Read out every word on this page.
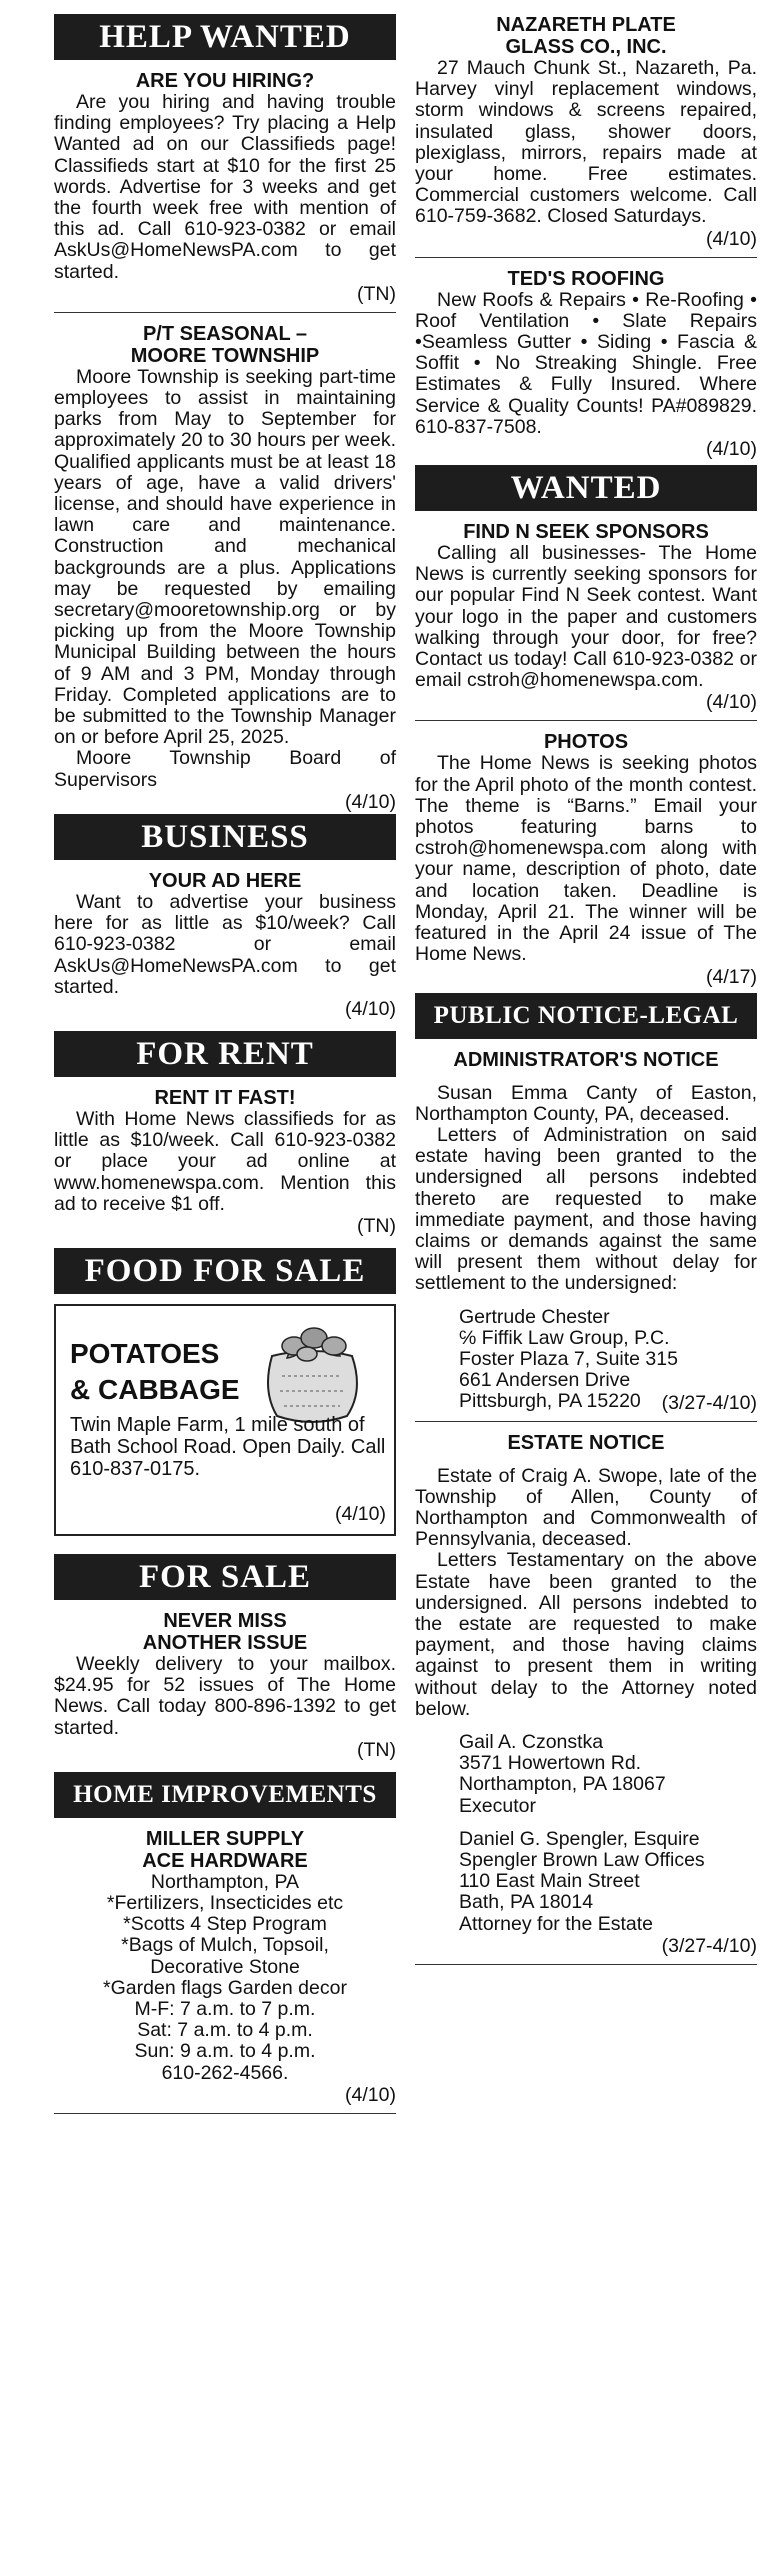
HELP WANTED
ARE YOU HIRING?

Are you hiring and having trouble finding employees? Try placing a Help Wanted ad on our Classifieds page! Classifieds start at $10 for the first 25 words. Advertise for 3 weeks and get the fourth week free with mention of this ad. Call 610-923-0382 or email AskUs@HomeNewsPA.com to get started.

(TN)
P/T SEASONAL –
MOORE TOWNSHIP

Moore Township is seeking part-time employees to assist in maintaining parks from May to September for approximately 20 to 30 hours per week. Qualified applicants must be at least 18 years of age, have a valid drivers' license, and should have experience in lawn care and maintenance. Construction and mechanical backgrounds are a plus. Applications may be requested by emailing secretary@mooretownship.org or by picking up from the Moore Township Municipal Building between the hours of 9 AM and 3 PM, Monday through Friday. Completed applications are to be submitted to the Township Manager on or before April 25, 2025.

Moore Township Board of Supervisors

(4/10)
BUSINESS
YOUR AD HERE

Want to advertise your business here for as little as $10/week? Call 610-923-0382 or email AskUs@HomeNewsPA.com to get started.

(4/10)
FOR RENT
RENT IT FAST!

With Home News classifieds for as little as $10/week. Call 610-923-0382 or place your ad online at www.homenewspa.com. Mention this ad to receive $1 off.

(TN)
FOOD FOR SALE
POTATOES
& CABBAGE
Twin Maple Farm, 1 mile south of Bath School Road. Open Daily. Call 610-837-0175.
(4/10)
FOR SALE
NEVER MISS
ANOTHER ISSUE

Weekly delivery to your mailbox. $24.95 for 52 issues of The Home News. Call today 800-896-1392 to get started.

(TN)
HOME IMPROVEMENTS
MILLER SUPPLY
ACE HARDWARE

Northampton, PA

*Fertilizers, Insecticides etc

*Scotts 4 Step Program

*Bags of Mulch, Topsoil,

Decorative Stone

*Garden flags Garden decor

M-F: 7 a.m. to 7 p.m.

Sat: 7 a.m. to 4 p.m.

Sun: 9 a.m. to 4 p.m.

610-262-4566.

(4/10)
NAZARETH PLATE
GLASS CO., INC.

27 Mauch Chunk St., Nazareth, Pa. Harvey vinyl replacement windows, storm windows & screens repaired, insulated glass, shower doors, plexiglass, mirrors, repairs made at your home. Free estimates. Commercial customers welcome. Call 610-759-3682. Closed Saturdays.

(4/10)
TED'S ROOFING

New Roofs & Repairs • Re-Roofing • Roof Ventilation • Slate Repairs •Seamless Gutter • Siding • Fascia & Soffit • No Streaking Shingle. Free Estimates & Fully Insured. Where Service & Quality Counts! PA#089829. 610-837-7508.

(4/10)
WANTED
FIND N SEEK SPONSORS

Calling all businesses- The Home News is currently seeking sponsors for our popular Find N Seek contest. Want your logo in the paper and customers walking through your door, for free? Contact us today! Call 610-923-0382 or email cstroh@homenewspa.com.

(4/10)
PHOTOS

The Home News is seeking photos for the April photo of the month contest. The theme is “Barns.” Email your photos featuring barns to cstroh@homenewspa.com along with your name, description of photo, date and location taken. Deadline is Monday, April 21. The winner will be featured in the April 24 issue of The Home News.

(4/17)
PUBLIC NOTICE-LEGAL
ADMINISTRATOR'S NOTICE

Susan Emma Canty of Easton, Northampton County, PA, deceased.

Letters of Administration on said estate having been granted to the undersigned all persons indebted thereto are requested to make immediate payment, and those having claims or demands against the same will present them without delay for settlement to the undersigned:

Gertrude Chester

℅ Fiffik Law Group, P.C.

Foster Plaza 7, Suite 315

661 Andersen Drive

Pittsburgh, PA 15220	(3/27-4/10)
ESTATE NOTICE

Estate of Craig A. Swope, late of the Township of Allen, County of Northampton and Commonwealth of Pennsylvania, deceased.

Letters Testamentary on the above Estate have been granted to the undersigned. All persons indebted to the estate are requested to make payment, and those having claims against to present them in writing without delay to the Attorney noted below.

Gail A. Czonstka

3571 Howertown Rd.

Northampton, PA 18067

Executor

Daniel G. Spengler, Esquire

Spengler Brown Law Offices

110 East Main Street

Bath, PA 18014

Attorney for the Estate

(3/27-4/10)
